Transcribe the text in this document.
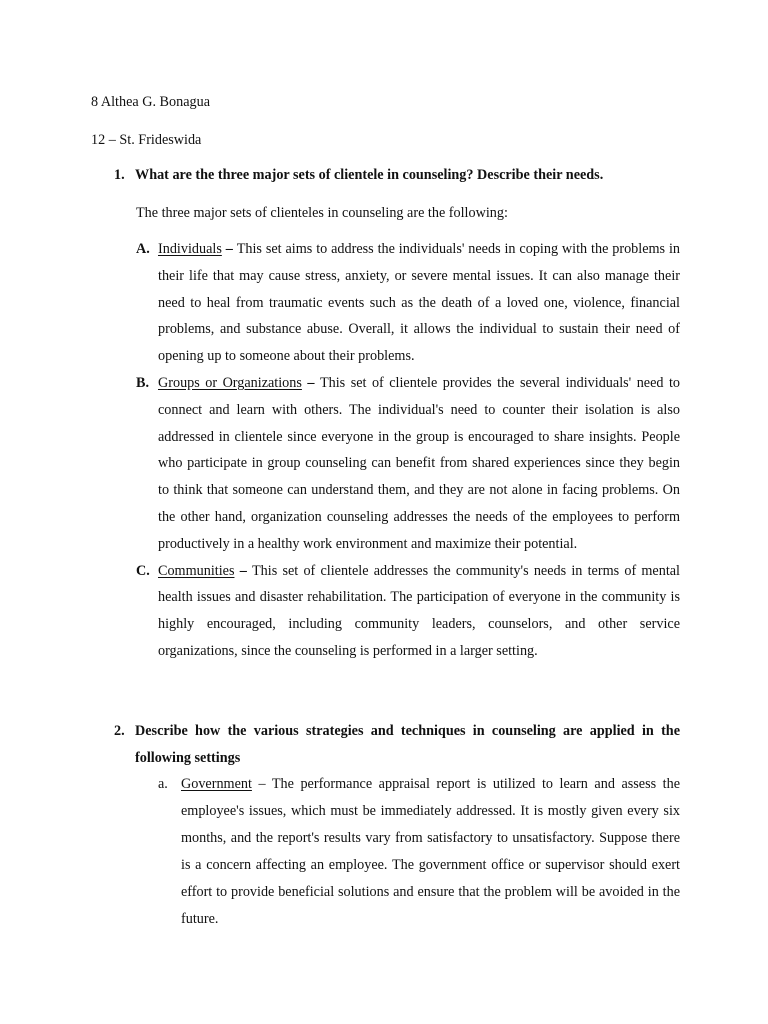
8 Althea G. Bonagua
12 – St. Frideswida
1. What are the three major sets of clientele in counseling? Describe their needs.
The three major sets of clienteles in counseling are the following:
A. Individuals – This set aims to address the individuals' needs in coping with the problems in their life that may cause stress, anxiety, or severe mental issues. It can also manage their need to heal from traumatic events such as the death of a loved one, violence, financial problems, and substance abuse. Overall, it allows the individual to sustain their need of opening up to someone about their problems.
B. Groups or Organizations – This set of clientele provides the several individuals' need to connect and learn with others. The individual's need to counter their isolation is also addressed in clientele since everyone in the group is encouraged to share insights. People who participate in group counseling can benefit from shared experiences since they begin to think that someone can understand them, and they are not alone in facing problems. On the other hand, organization counseling addresses the needs of the employees to perform productively in a healthy work environment and maximize their potential.
C. Communities – This set of clientele addresses the community's needs in terms of mental health issues and disaster rehabilitation. The participation of everyone in the community is highly encouraged, including community leaders, counselors, and other service organizations, since the counseling is performed in a larger setting.
2. Describe how the various strategies and techniques in counseling are applied in the following settings
a. Government – The performance appraisal report is utilized to learn and assess the employee's issues, which must be immediately addressed. It is mostly given every six months, and the report's results vary from satisfactory to unsatisfactory. Suppose there is a concern affecting an employee. The government office or supervisor should exert effort to provide beneficial solutions and ensure that the problem will be avoided in the future.
